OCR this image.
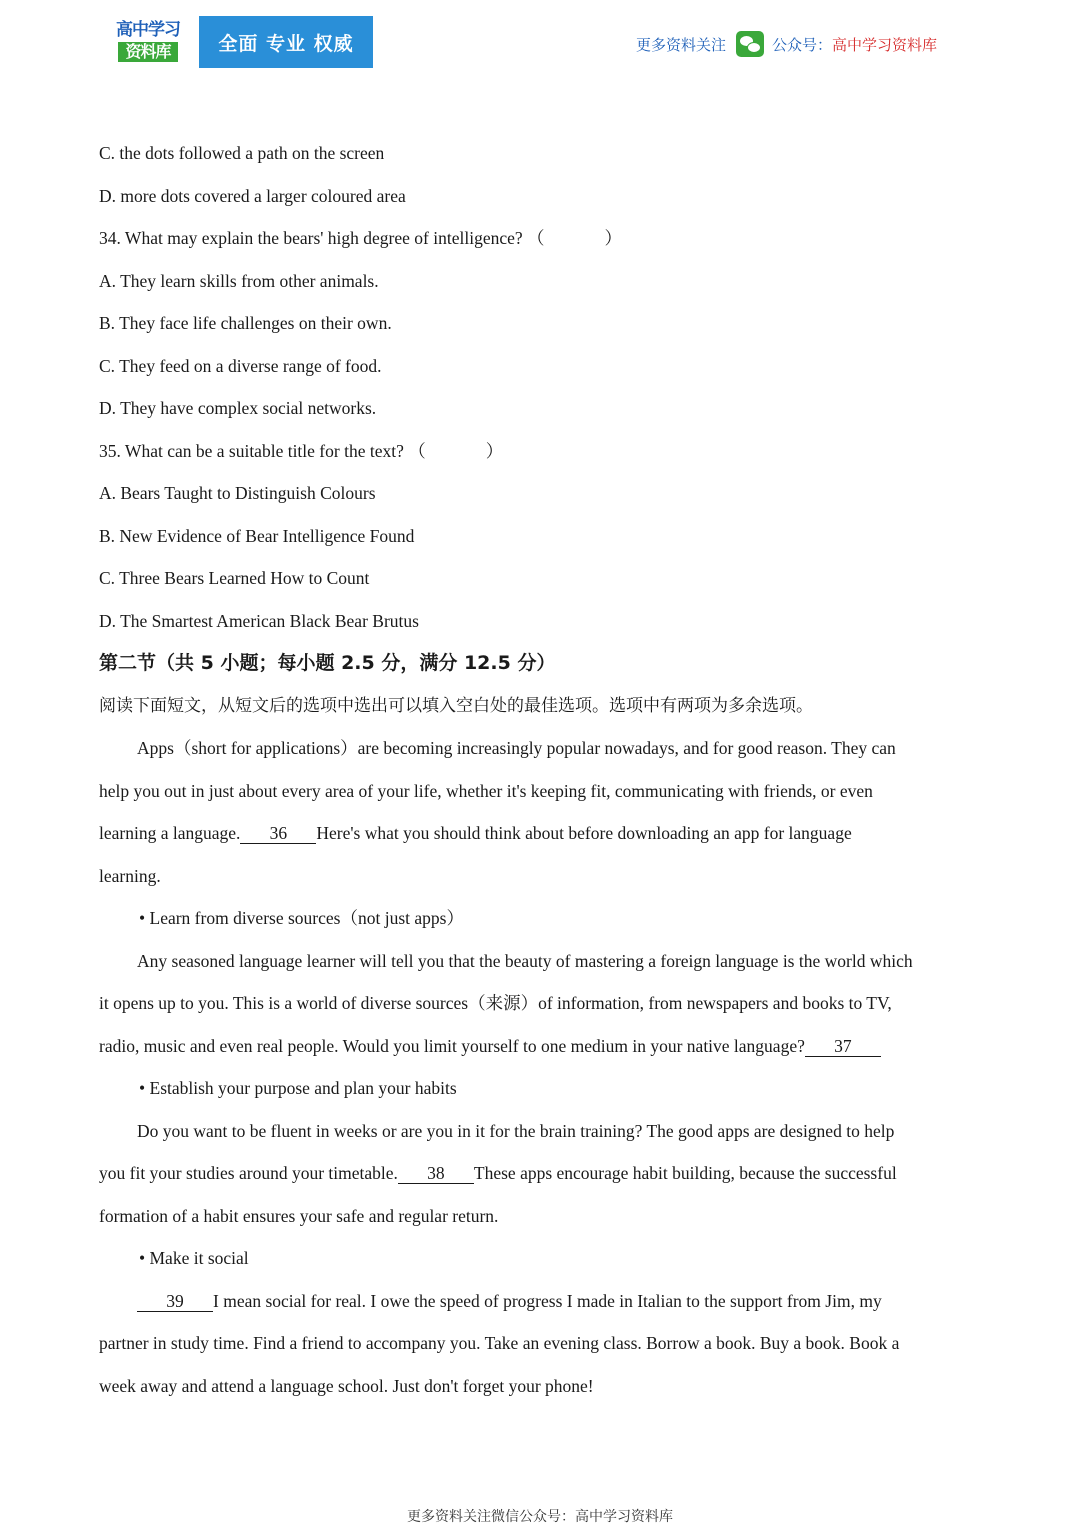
高中学习
资料库	全面 专业 权威	更多资料关注	公众号： 高中学习资料库
C. the dots followed a path on the screen
D. more dots covered a larger coloured area
34. What may explain the bears' high degree of intelligence? （	）
A. They learn skills from other animals.
B. They face life challenges on their own.
C. They feed on a diverse range of food.
D. They have complex social networks.
35. What can be a suitable title for the text? （	）
A. Bears Taught to Distinguish Colours
B. New Evidence of Bear Intelligence Found
C. Three Bears Learned How to Count
D. The Smartest American Black Bear Brutus
第二节（共 5 小题；每小题 2.5 分，满分 12.5 分）
阅读下面短文，从短文后的选项中选出可以填入空白处的最佳选项。选项中有两项为多余选项。
Apps（short for applications）are becoming increasingly popular nowadays, and for good reason. They can
help you out in just about every area of your life, whether it's keeping fit, communicating with friends, or even
learning a language. 36 Here's what you should think about before downloading an app for language
learning.
• Learn from diverse sources（not just apps）
Any seasoned language learner will tell you that the beauty of mastering a foreign language is the world which
it opens up to you. This is a world of diverse sources（来源）of information, from newspapers and books to TV,
radio, music and even real people. Would you limit yourself to one medium in your native language? 37
• Establish your purpose and plan your habits
Do you want to be fluent in weeks or are you in it for the brain training? The good apps are designed to help
you fit your studies around your timetable. 38 These apps encourage habit building, because the successful
formation of a habit ensures your safe and regular return.
• Make it social
39 I mean social for real. I owe the speed of progress I made in Italian to the support from Jim, my
partner in study time. Find a friend to accompany you. Take an evening class. Borrow a book. Buy a book. Book a
week away and attend a language school. Just don't forget your phone!
更多资料关注微信公众号：高中学习资料库
